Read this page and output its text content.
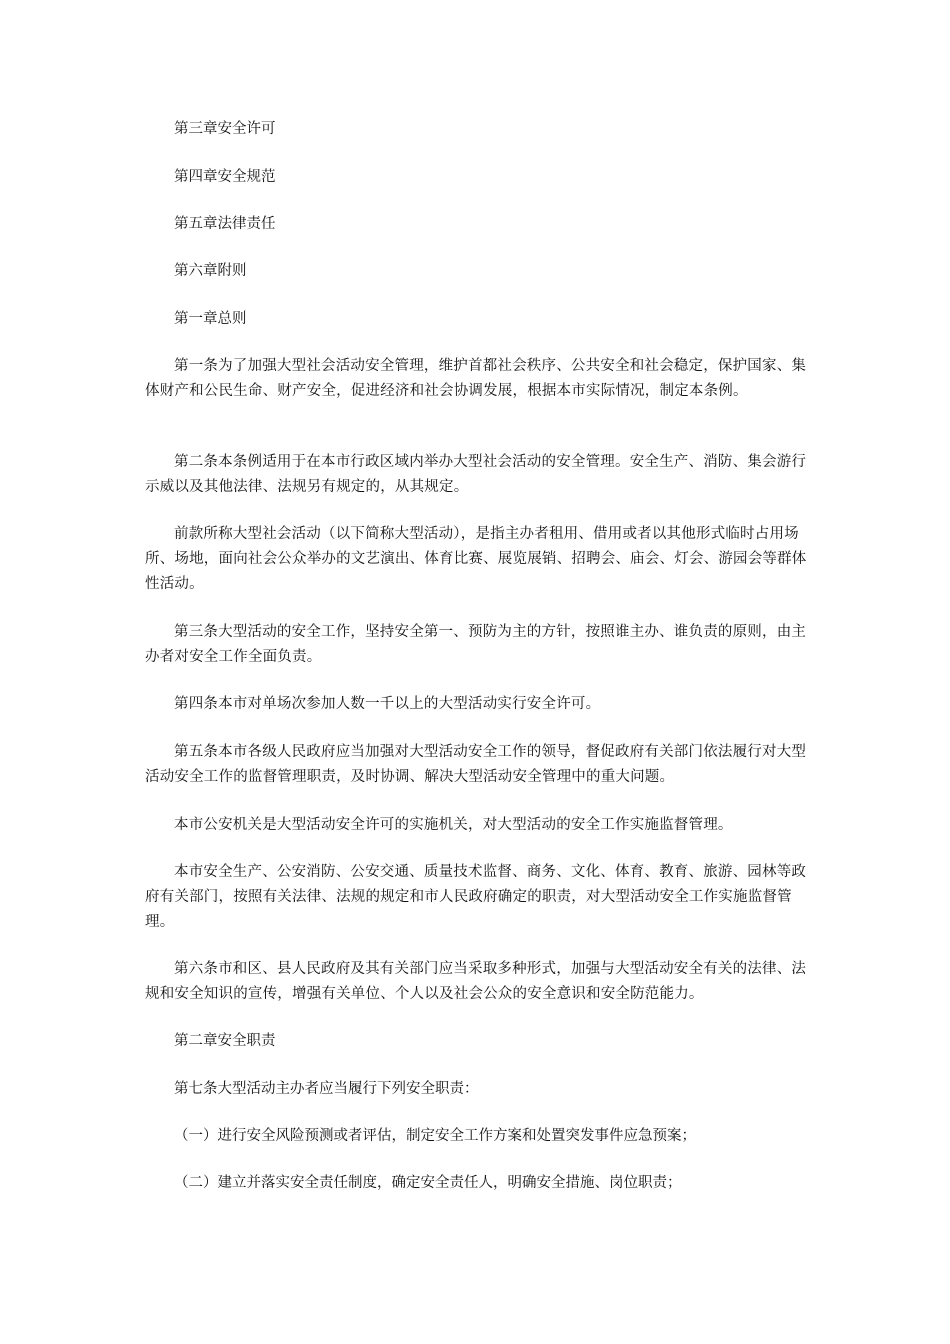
第三章安全许可

第四章安全规范

第五章法律责任

第六章附则

第一章总则

第一条为了加强大型社会活动安全管理，维护首都社会秩序、公共安全和社会稳定，保护国家、集体财产和公民生命、财产安全，促进经济和社会协调发展，根据本市实际情况，制定本条例。

第二条本条例适用于在本市行政区域内举办大型社会活动的安全管理。安全生产、消防、集会游行示威以及其他法律、法规另有规定的，从其规定。

前款所称大型社会活动（以下简称大型活动），是指主办者租用、借用或者以其他形式临时占用场所、场地，面向社会公众举办的文艺演出、体育比赛、展览展销、招聘会、庙会、灯会、游园会等群体性活动。

第三条大型活动的安全工作，坚持安全第一、预防为主的方针，按照谁主办、谁负责的原则，由主办者对安全工作全面负责。

第四条本市对单场次参加人数一千以上的大型活动实行安全许可。

第五条本市各级人民政府应当加强对大型活动安全工作的领导，督促政府有关部门依法履行对大型活动安全工作的监督管理职责，及时协调、解决大型活动安全管理中的重大问题。

本市公安机关是大型活动安全许可的实施机关，对大型活动的安全工作实施监督管理。

本市安全生产、公安消防、公安交通、质量技术监督、商务、文化、体育、教育、旅游、园林等政府有关部门，按照有关法律、法规的规定和市人民政府确定的职责，对大型活动安全工作实施监督管理。

第六条市和区、县人民政府及其有关部门应当采取多种形式，加强与大型活动安全有关的法律、法规和安全知识的宣传，增强有关单位、个人以及社会公众的安全意识和安全防范能力。

第二章安全职责

第七条大型活动主办者应当履行下列安全职责：

（一）进行安全风险预测或者评估，制定安全工作方案和处置突发事件应急预案；

（二）建立并落实安全责任制度，确定安全责任人，明确安全措施、岗位职责；
